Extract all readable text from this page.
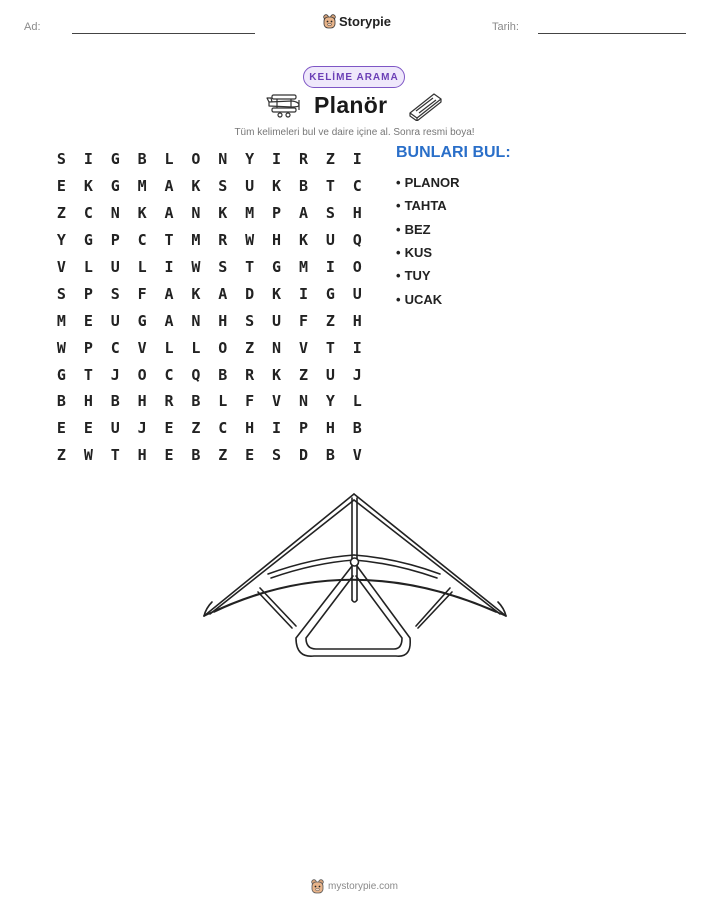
Ad:	Storypie	Tarih:
KELİME ARAMA
Planör
Tüm kelimeleri bul ve daire içine al. Sonra resmi boya!
S	I	G	B	L	O	N	Y	I	R	Z	I
E	K	G	M	A	K	S	U	K	B	T	C
Z	C	N	K	A	N	K	M	P	A	S	H
Y	G	P	C	T	M	R	W	H	K	U	Q
V	L	U	L	I	W	S	T	G	M	I	O
S	P	S	F	A	K	A	D	K	I	G	U
M	E	U	G	A	N	H	S	U	F	Z	H
W	P	C	V	L	L	O	Z	N	V	T	I
G	T	J	O	C	Q	B	R	K	Z	U	J
B	H	B	H	R	B	L	F	V	N	Y	L
E	E	U	J	E	Z	C	H	I	P	H	B
Z	W	T	H	E	B	Z	E	S	D	B	V
BUNLARI BUL:
• PLANOR
• TAHTA
• BEZ
• KUS
• TUY
• UCAK
mystorypie.com
